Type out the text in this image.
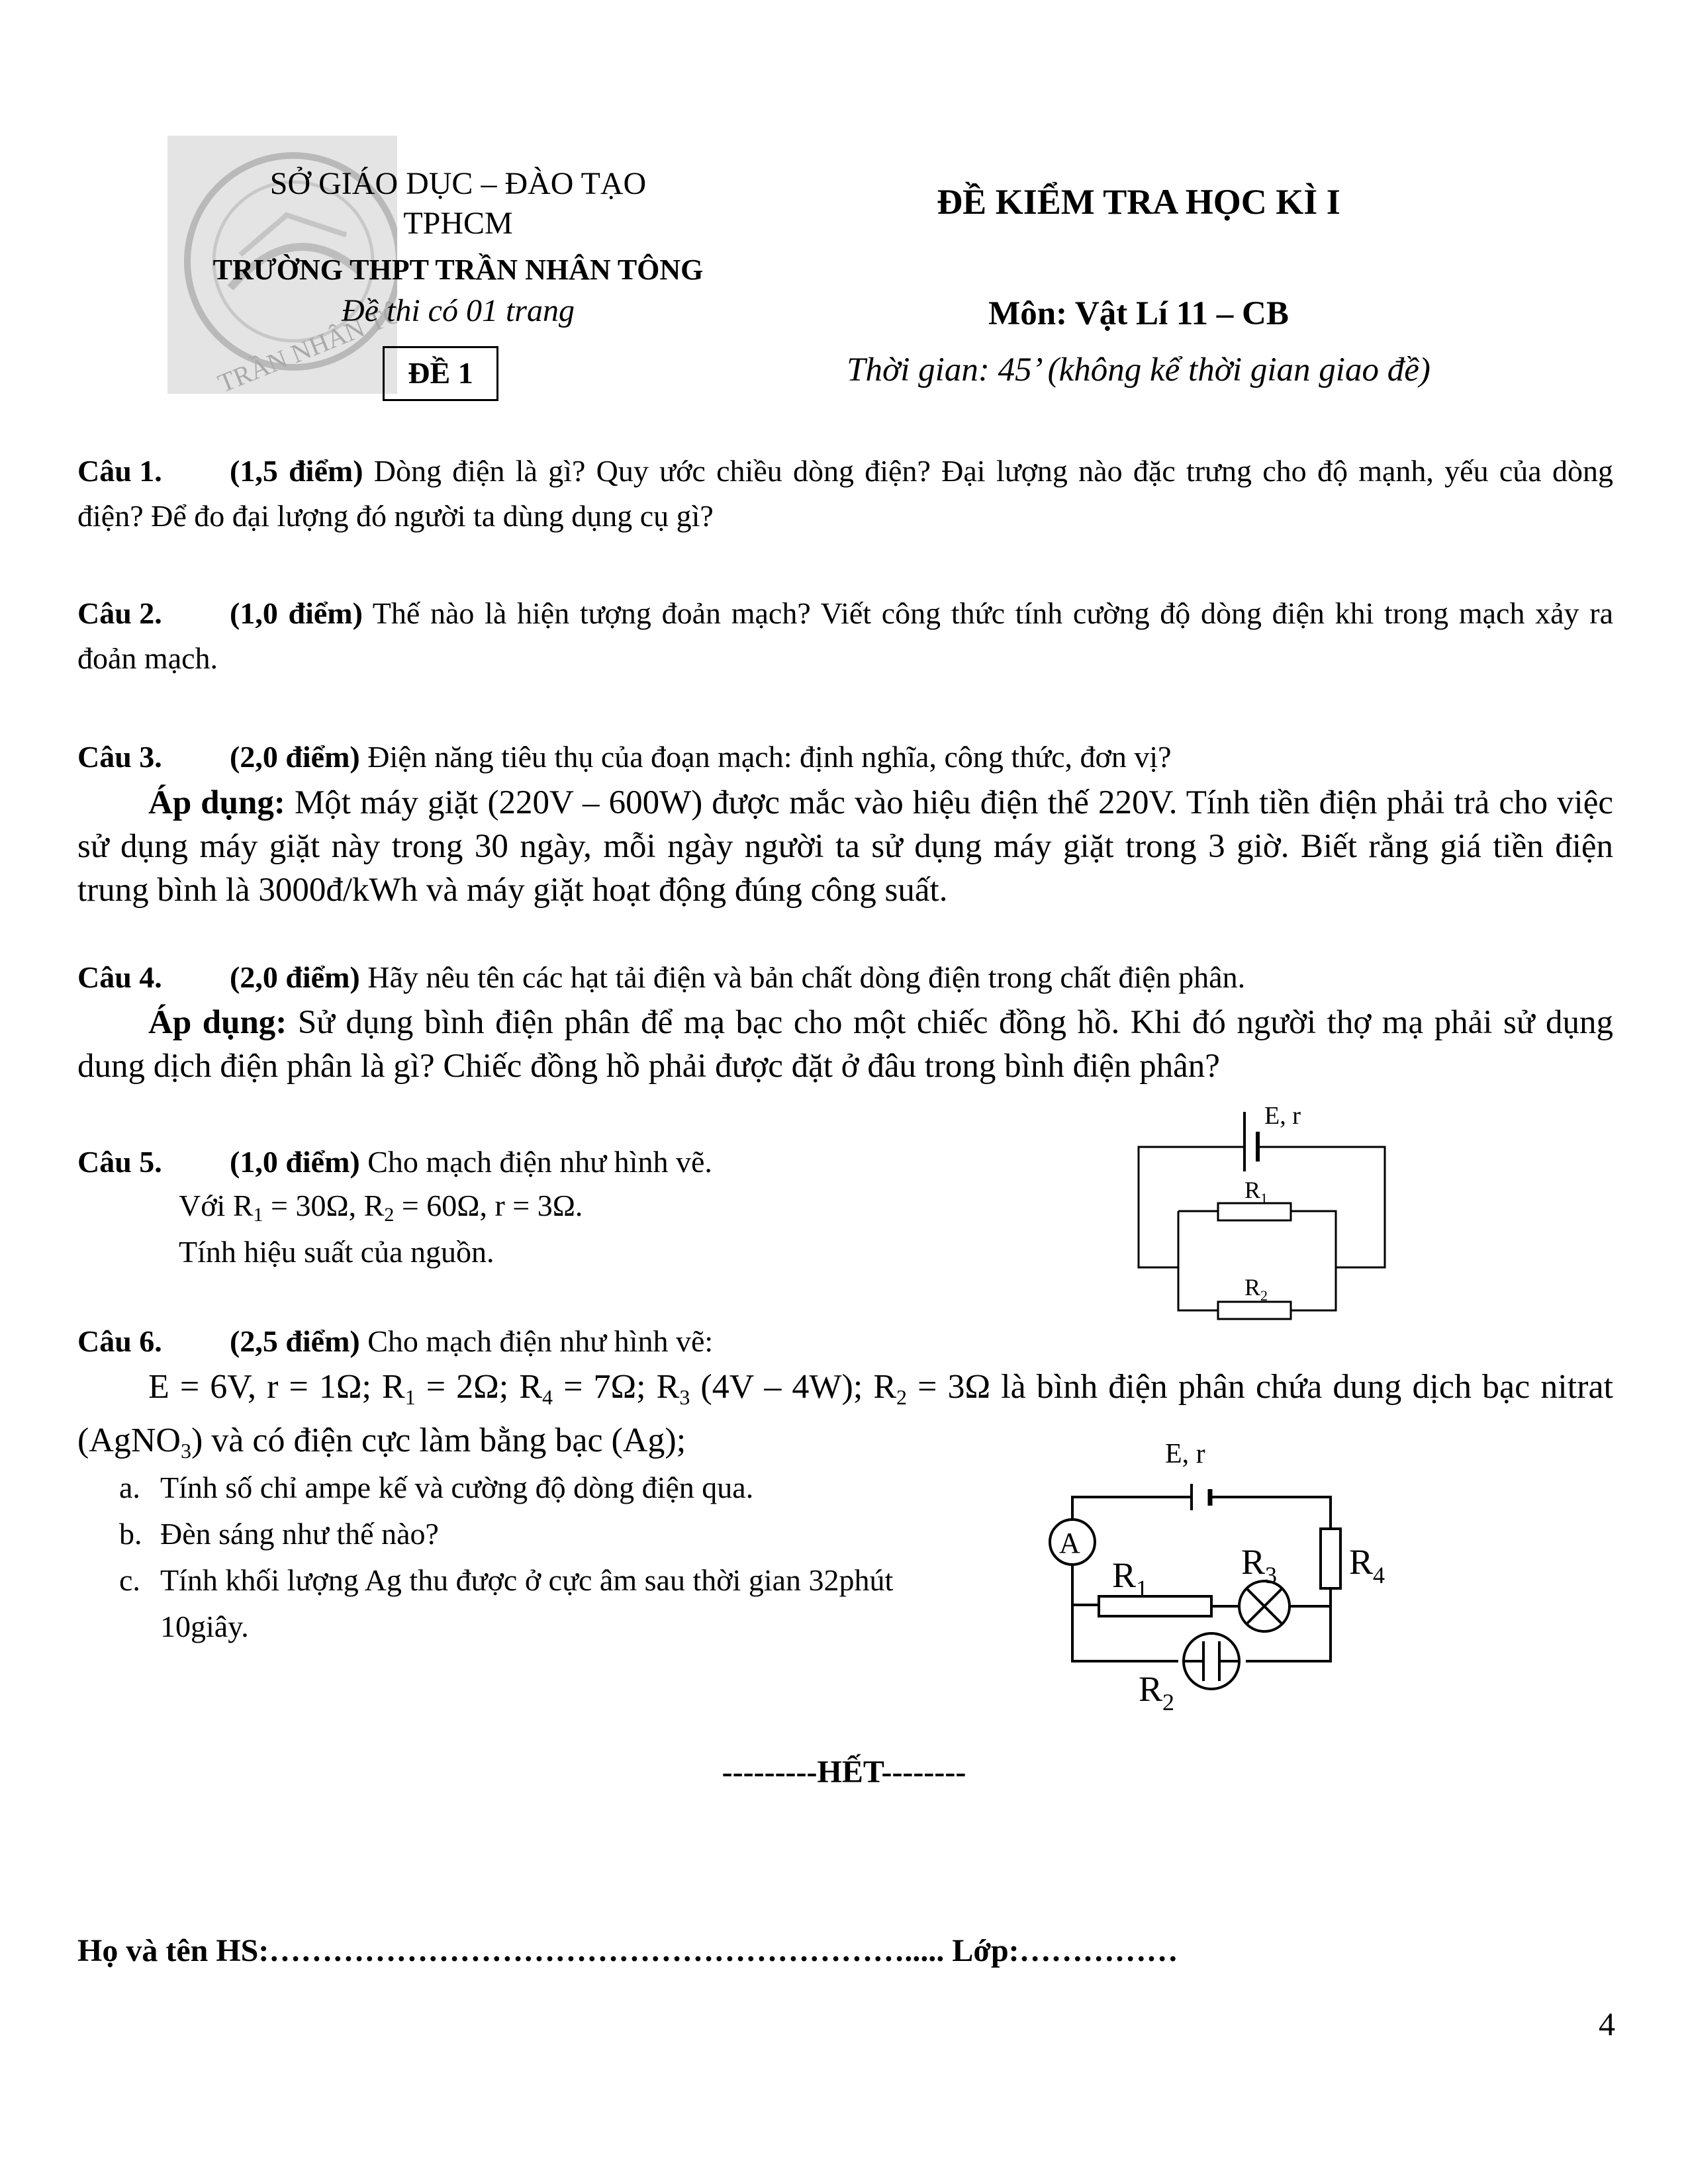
TRẦN NHÂN TÔNG
SỞ GIÁO DỤC – ĐÀO TẠO
TPHCM
TRƯỜNG THPT TRẦN NHÂN TÔNG
Đề thi có 01 trang
ĐỀ 1
ĐỀ KIỂM TRA HỌC KÌ I
Môn: Vật Lí 11 – CB
Thời gian: 45’ (không kể thời gian giao đề)
Câu 1. (1,5 điểm) Dòng điện là gì? Quy ước chiều dòng điện? Đại lượng nào đặc trưng cho độ mạnh, yếu của dòng điện? Để đo đại lượng đó người ta dùng dụng cụ gì?
Câu 2. (1,0 điểm) Thế nào là hiện tượng đoản mạch? Viết công thức tính cường độ dòng điện khi trong mạch xảy ra đoản mạch.
Câu 3. (2,0 điểm) Điện năng tiêu thụ của đoạn mạch: định nghĩa, công thức, đơn vị?
Áp dụng: Một máy giặt (220V – 600W) được mắc vào hiệu điện thế 220V. Tính tiền điện phải trả cho việc sử dụng máy giặt này trong 30 ngày, mỗi ngày người ta sử dụng máy giặt trong 3 giờ. Biết rằng giá tiền điện trung bình là 3000đ/kWh và máy giặt hoạt động đúng công suất.
Câu 4. (2,0 điểm) Hãy nêu tên các hạt tải điện và bản chất dòng điện trong chất điện phân.
Áp dụng: Sử dụng bình điện phân để mạ bạc cho một chiếc đồng hồ. Khi đó người thợ mạ phải sử dụng dung dịch điện phân là gì? Chiếc đồng hồ phải được đặt ở đâu trong bình điện phân?
Câu 5. (1,0 điểm) Cho mạch điện như hình vẽ.
Với $R_1 = 30\Omega$, $R_2 = 60\Omega$, r = 3Ω.
Tính hiệu suất của nguồn.
E, r
$R_1$
$R_2$
Câu 6. (2,5 điểm) Cho mạch điện như hình vẽ:
E = 6V, r = 1Ω; R1 = 2Ω; R4 = 7Ω; R3 (4V – 4W); R2 = 3Ω là bình điện phân chứa dung dịch bạc nitrat (AgNO3) và có điện cực làm bằng bạc (Ag);
a. Tính số chỉ ampe kế và cường độ dòng điện qua.
b. Đèn sáng như thế nào?
c. Tính khối lượng Ag thu được ở cực âm sau thời gian 32phút
10giây.
E, r
A
$R_1$
$R_3$ $R_4$
$R_2$
---------HẾT--------
Họ và tên HS:……………………………………………………..... Lớp:……………
4
